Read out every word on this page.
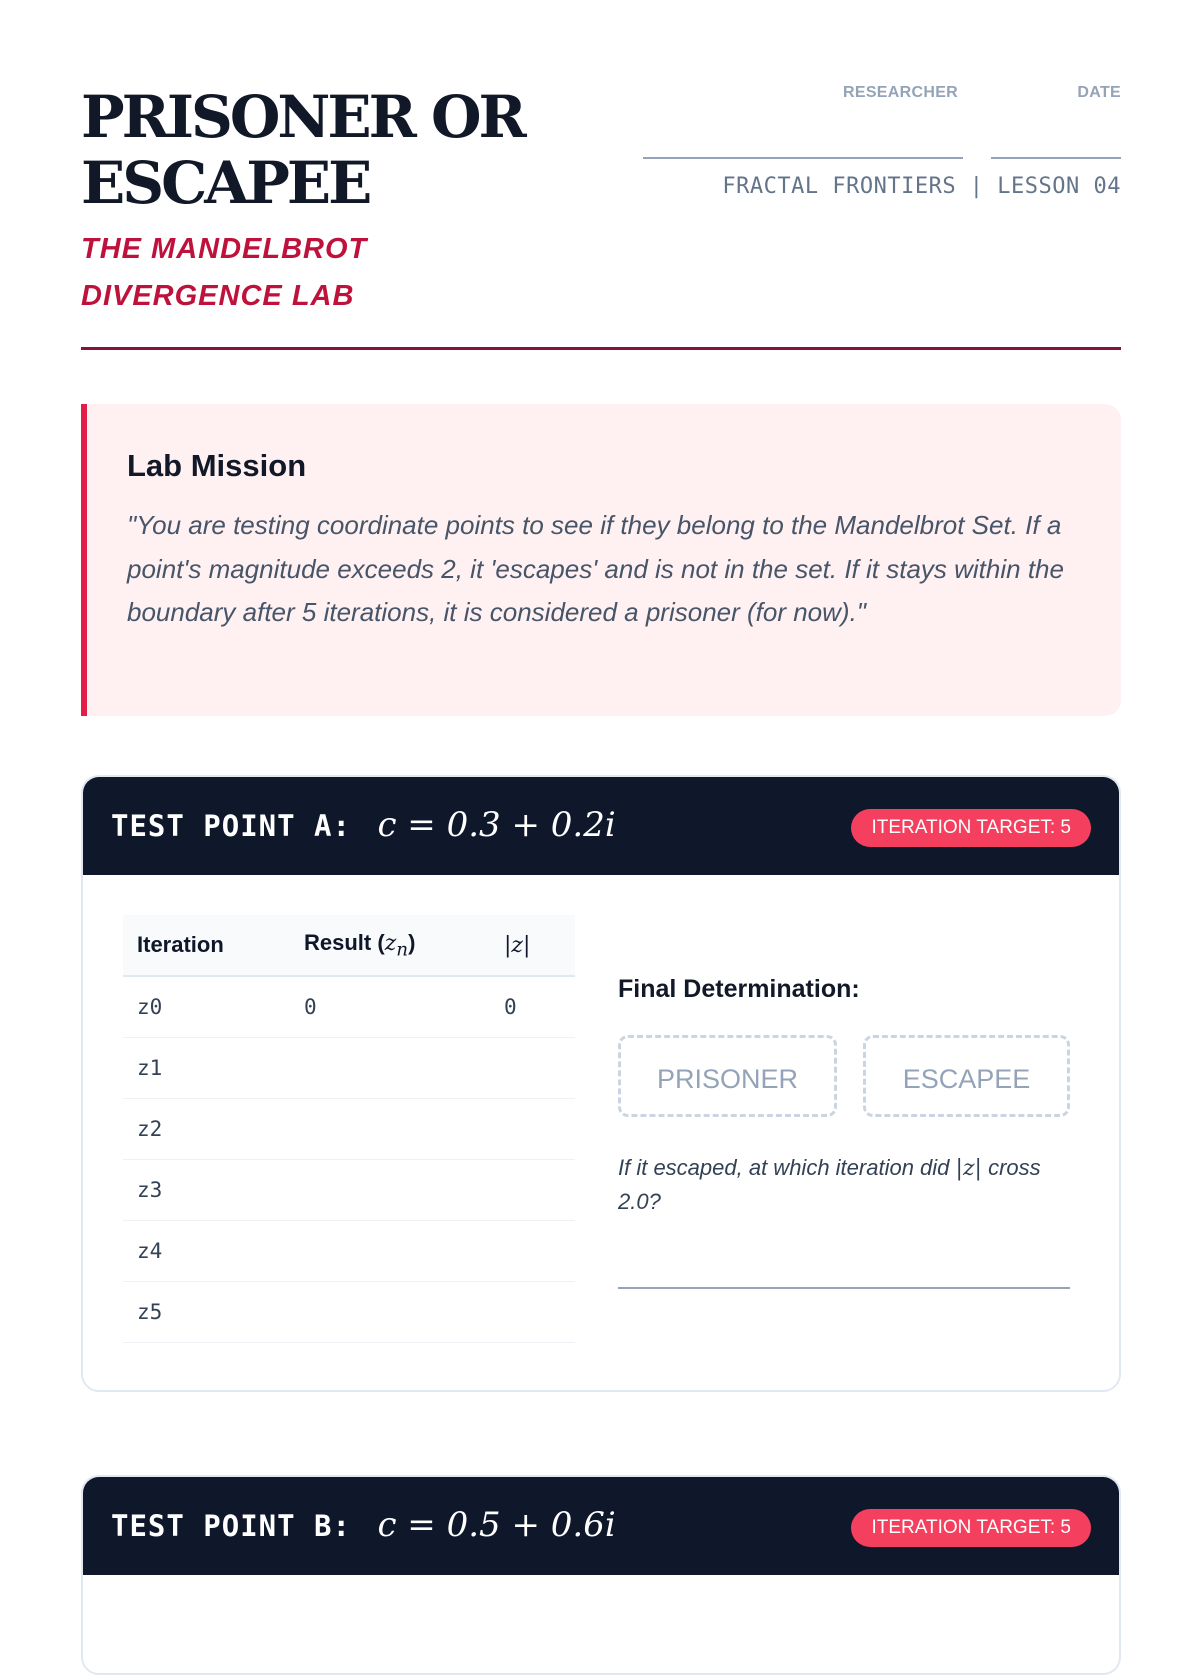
PRISONER OR
ESCAPEE
THE MANDELBROT
DIVERGENCE LAB
RESEARCHER	DATE
FRACTAL FRONTIERS | LESSON 04
Lab Mission

"You are testing coordinate points to see if they belong to the Mandelbrot Set. If a point's magnitude exceeds 2, it 'escapes' and is not in the set. If it stays within the boundary after 5 iterations, it is considered a prisoner (for now)."

TEST POINT A: c = 0.3 + 0.2i	ITERATION TARGET: 5
Iteration	Result $(z_n)$	|z|
z0	0	0
z1		
z2		
z3		
z4		
z5		

Final Determination:

PRISONER	ESCAPEE

If it escaped, at which iteration did |z| cross 2.0?

TEST POINT B: c = 0.5 + 0.6i	ITERATION TARGET: 5
